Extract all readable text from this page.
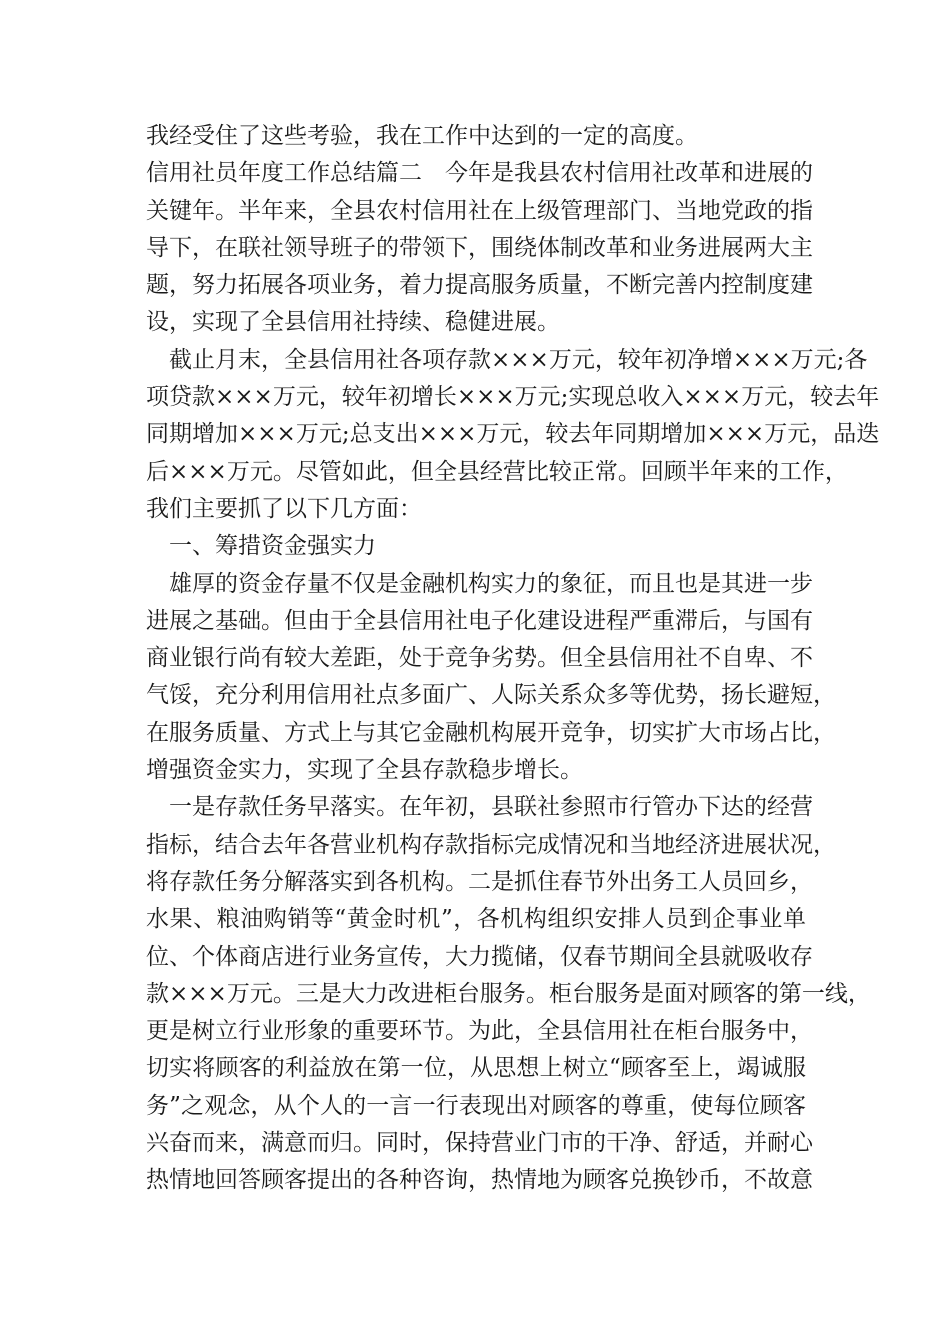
我经受住了这些考验，我在工作中达到的一定的高度。
信用社员年度工作总结篇二　今年是我县农村信用社改革和进展的
关键年。半年来，全县农村信用社在上级管理部门、当地党政的指
导下，在联社领导班子的带领下，围绕体制改革和业务进展两大主
题，努力拓展各项业务，着力提高服务质量，不断完善内控制度建
设，实现了全县信用社持续、稳健进展。
　截止月末，全县信用社各项存款×××万元，较年初净增×××万元;各
项贷款×××万元，较年初增长×××万元;实现总收入×××万元，较去年
同期增加×××万元;总支出×××万元，较去年同期增加×××万元，品迭
后×××万元。尽管如此，但全县经营比较正常。回顾半年来的工作，
我们主要抓了以下几方面：
　一、筹措资金强实力
　雄厚的资金存量不仅是金融机构实力的象征，而且也是其进一步
进展之基础。但由于全县信用社电子化建设进程严重滞后，与国有
商业银行尚有较大差距，处于竞争劣势。但全县信用社不自卑、不
气馁，充分利用信用社点多面广、人际关系众多等优势，扬长避短，
在服务质量、方式上与其它金融机构展开竞争，切实扩大市场占比，
增强资金实力，实现了全县存款稳步增长。
　一是存款任务早落实。在年初，县联社参照市行管办下达的经营
指标，结合去年各营业机构存款指标完成情况和当地经济进展状况，
将存款任务分解落实到各机构。二是抓住春节外出务工人员回乡，
水果、粮油购销等“黄金时机”，各机构组织安排人员到企事业单
位、个体商店进行业务宣传，大力揽储，仅春节期间全县就吸收存
款×××万元。三是大力改进柜台服务。柜台服务是面对顾客的第一线，
更是树立行业形象的重要环节。为此，全县信用社在柜台服务中，
切实将顾客的利益放在第一位，从思想上树立“顾客至上，竭诚服
务”之观念，从个人的一言一行表现出对顾客的尊重，使每位顾客
兴奋而来，满意而归。同时，保持营业门市的干净、舒适，并耐心
热情地回答顾客提出的各种咨询，热情地为顾客兑换钞币，不故意
